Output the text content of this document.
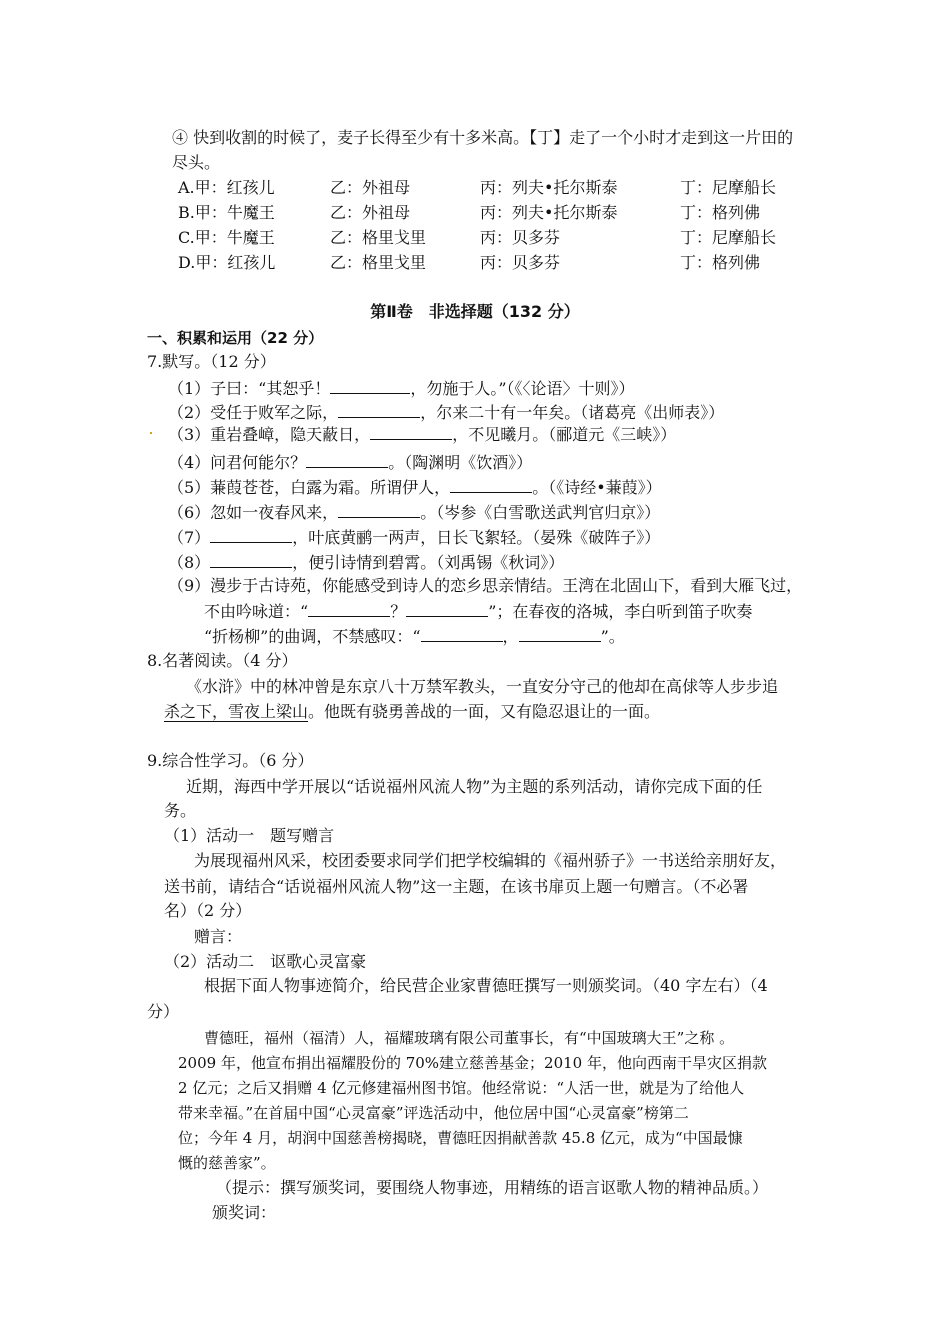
④ 快到收割的时候了，麦子长得至少有十多米高。【丁】走了一个小时才走到这一片田的
尽头。
A.甲：红孩儿	乙：外祖母	丙：列夫•托尔斯泰	丁：尼摩船长
B.甲：牛魔王	乙：外祖母	丙：列夫•托尔斯泰	丁：格列佛
C.甲：牛魔王	乙：格里戈里	丙：贝多芬	丁：尼摩船长
D.甲：红孩儿	乙：格里戈里	丙：贝多芬	丁：格列佛
第Ⅱ卷　非选择题（132 分）
一、积累和运用（22 分）
7.默写。（12 分）
（1）子曰：“其恕乎！	，勿施于人。”（《〈论语〉十则》）
（2）受任于败军之际，	，尔来二十有一年矣。（诸葛亮《出师表》）
（3）重岩叠嶂，隐天蔽日，	，不见曦月。（郦道元《三峡》）
（4）问君何能尔？	。（陶渊明《饮酒》）
（5）蒹葭苍苍，白露为霜。所谓伊人，	。（《诗经•蒹葭》）
（6）忽如一夜春风来，	。（岑参《白雪歌送武判官归京》）
（7）	，叶底黄鹂一两声，日长飞絮轻。（晏殊《破阵子》）
（8）	，便引诗情到碧霄。（刘禹锡《秋词》）
（9）漫步于古诗苑，你能感受到诗人的恋乡思亲情结。王湾在北固山下，看到大雁飞过，
不由吟咏道：“	？	”；在春夜的洛城，李白听到笛子吹奏
“折杨柳”的曲调，不禁感叹：“	，	”。
8.名著阅读。（4 分）
《水浒》中的林冲曾是东京八十万禁军教头，一直安分守己的他却在高俅等人步步追
杀之下，雪夜上梁山。他既有骁勇善战的一面，又有隐忍退让的一面。
9.综合性学习。（6 分）
近期，海西中学开展以“话说福州风流人物”为主题的系列活动，请你完成下面的任
务。
（1）活动一　题写赠言
为展现福州风采，校团委要求同学们把学校编辑的《福州骄子》一书送给亲朋好友，
送书前，请结合“话说福州风流人物”这一主题，在该书扉页上题一句赠言。（不必署
名）（2 分）
赠言：
（2）活动二　讴歌心灵富豪
根据下面人物事迹简介，给民营企业家曹德旺撰写一则颁奖词。（40 字左右）（4
分）
曹德旺，福州（福清）人，福耀玻璃有限公司董事长，有“中国玻璃大王”之称 。
2009 年，他宣布捐出福耀股份的 70%建立慈善基金；2010 年，他向西南干旱灾区捐款
2 亿元；之后又捐赠 4 亿元修建福州图书馆。他经常说：“人活一世，就是为了给他人
带来幸福。”在首届中国“心灵富豪”评选活动中，他位居中国“心灵富豪”榜第二
位；今年 4 月，胡润中国慈善榜揭晓，曹德旺因捐献善款 45.8 亿元，成为“中国最慷
慨的慈善家”。
（提示：撰写颁奖词，要围绕人物事迹，用精练的语言讴歌人物的精神品质。）
颁奖词：
